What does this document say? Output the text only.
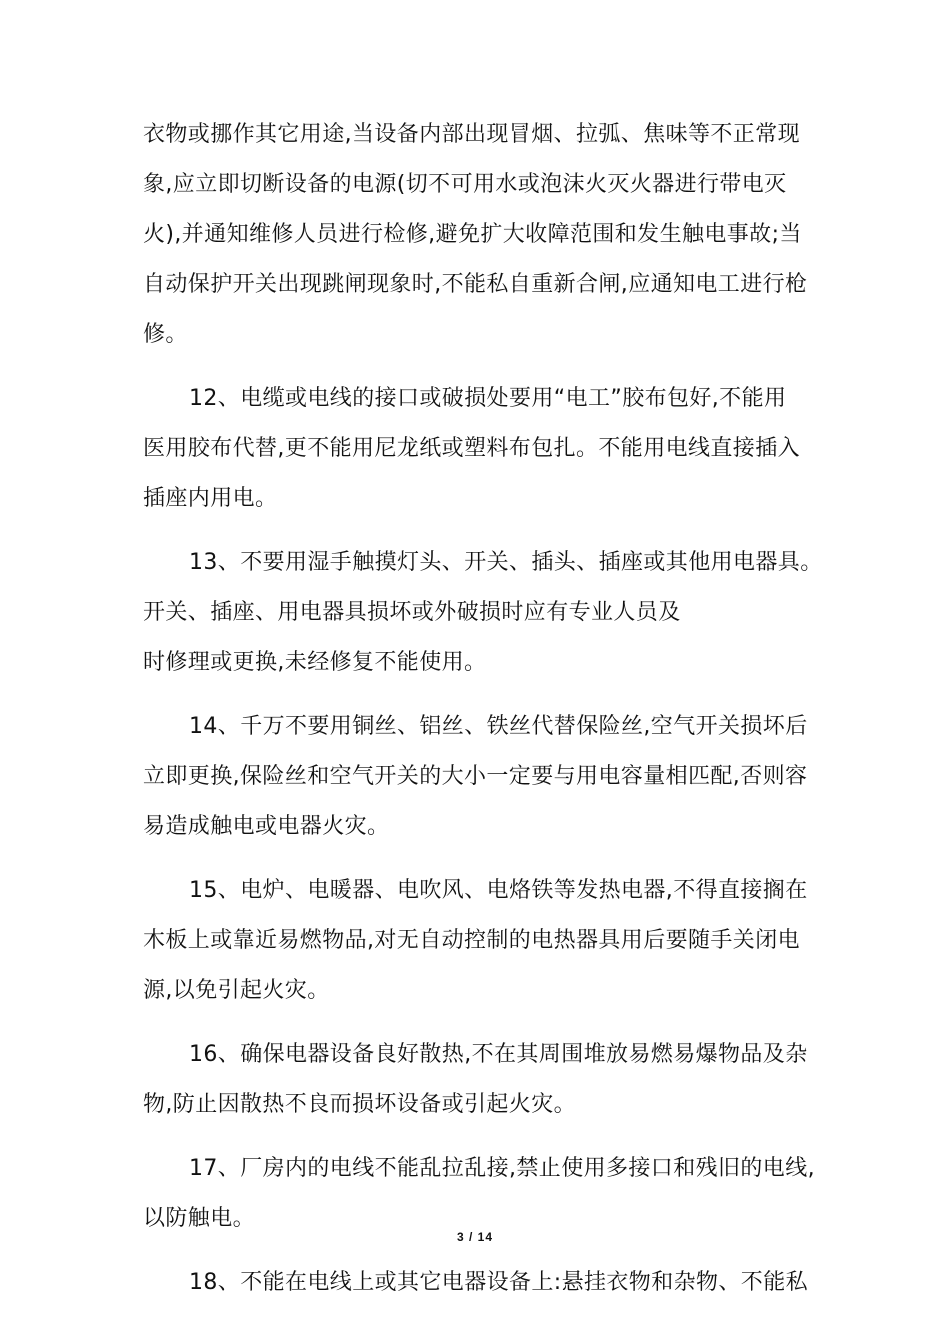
衣物或挪作其它用途,当设备内部出现冒烟、拉弧、焦味等不正常现
象,应立即切断设备的电源(切不可用水或泡沫火灭火器进行带电灭
火),并通知维修人员进行检修,避免扩大收障范围和发生触电事故;当
自动保护开关出现跳闸现象时,不能私自重新合闸,应通知电工进行枪
修。
12、电缆或电线的接口或破损处要用“电工”胶布包好,不能用
医用胶布代替,更不能用尼龙纸或塑料布包扎。不能用电线直接插入
插座内用电。
13、不要用湿手触摸灯头、开关、插头、插座或其他用电器具。
开关、插座、用电器具损坏或外破损时应有专业人员及
时修理或更换,未经修复不能使用。
14、千万不要用铜丝、铝丝、铁丝代替保险丝,空气开关损坏后
立即更换,保险丝和空气开关的大小一定要与用电容量相匹配,否则容
易造成触电或电器火灾。
15、电炉、电暖器、电吹风、电烙铁等发热电器,不得直接搁在
木板上或靠近易燃物品,对无自动控制的电热器具用后要随手关闭电
源,以免引起火灾。
16、确保电器设备良好散热,不在其周围堆放易燃易爆物品及杂
物,防止因散热不良而损坏设备或引起火灾。
17、厂房内的电线不能乱拉乱接,禁止使用多接口和残旧的电线,
以防触电。
18、不能在电线上或其它电器设备上:悬挂衣物和杂物、不能私
3 / 14
